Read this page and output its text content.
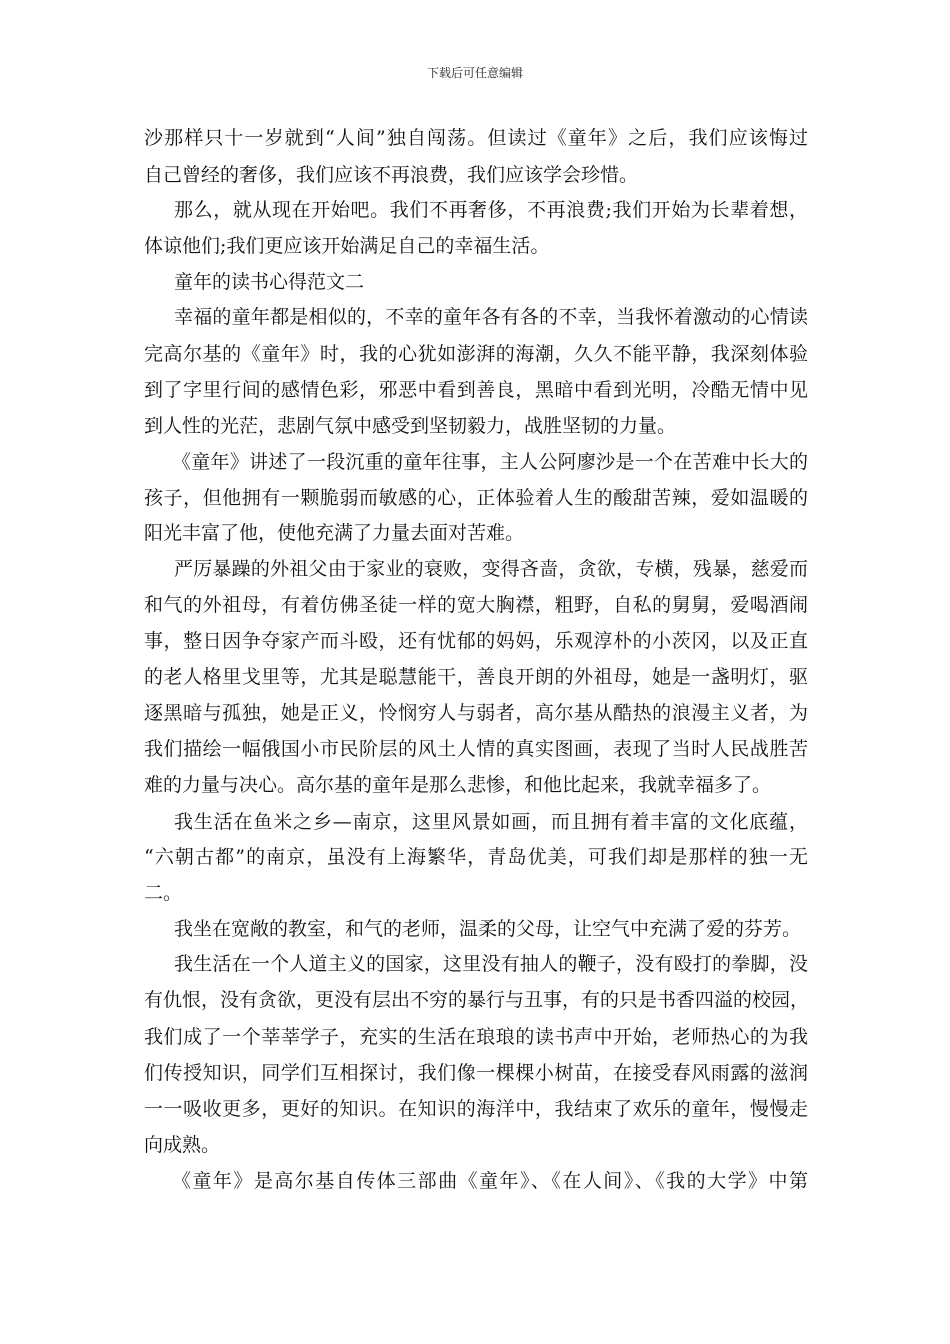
下载后可任意编辑
沙那样只十一岁就到“人间”独自闯荡。但读过《童年》之后，我们应该悔过
自己曾经的奢侈，我们应该不再浪费，我们应该学会珍惜。
那么，就从现在开始吧。我们不再奢侈，不再浪费;我们开始为长辈着想，
体谅他们;我们更应该开始满足自己的幸福生活。
童年的读书心得范文二
幸福的童年都是相似的，不幸的童年各有各的不幸，当我怀着激动的心情读
完高尔基的《童年》时，我的心犹如澎湃的海潮，久久不能平静，我深刻体验
到了字里行间的感情色彩，邪恶中看到善良，黑暗中看到光明，冷酷无情中见
到人性的光茫，悲剧气氛中感受到坚韧毅力，战胜坚韧的力量。
《童年》讲述了一段沉重的童年往事，主人公阿廖沙是一个在苦难中长大的
孩子，但他拥有一颗脆弱而敏感的心，正体验着人生的酸甜苦辣，爱如温暖的
阳光丰富了他，使他充满了力量去面对苦难。
严厉暴躁的外祖父由于家业的衰败，变得吝啬，贪欲，专横，残暴，慈爱而
和气的外祖母，有着仿佛圣徒一样的宽大胸襟，粗野，自私的舅舅，爱喝酒闹
事，整日因争夺家产而斗殴，还有忧郁的妈妈，乐观淳朴的小茨冈，以及正直
的老人格里戈里等，尤其是聪慧能干，善良开朗的外祖母，她是一盏明灯，驱
逐黑暗与孤独，她是正义，怜悯穷人与弱者，高尔基从酷热的浪漫主义者，为
我们描绘一幅俄国小市民阶层的风土人情的真实图画，表现了当时人民战胜苦
难的力量与决心。高尔基的童年是那么悲惨，和他比起来，我就幸福多了。
我生活在鱼米之乡—南京，这里风景如画，而且拥有着丰富的文化底蕴，
“六朝古都”的南京，虽没有上海繁华，青岛优美，可我们却是那样的独一无
二。
我坐在宽敞的教室，和气的老师，温柔的父母，让空气中充满了爱的芬芳。
我生活在一个人道主义的国家，这里没有抽人的鞭子，没有殴打的拳脚，没
有仇恨，没有贪欲，更没有层出不穷的暴行与丑事，有的只是书香四溢的校园，
我们成了一个莘莘学子，充实的生活在琅琅的读书声中开始，老师热心的为我
们传授知识，同学们互相探讨，我们像一棵棵小树苗，在接受春风雨露的滋润
一一吸收更多，更好的知识。在知识的海洋中，我结束了欢乐的童年，慢慢走
向成熟。
《童年》是高尔基自传体三部曲《童年》、《在人间》、《我的大学》中第
